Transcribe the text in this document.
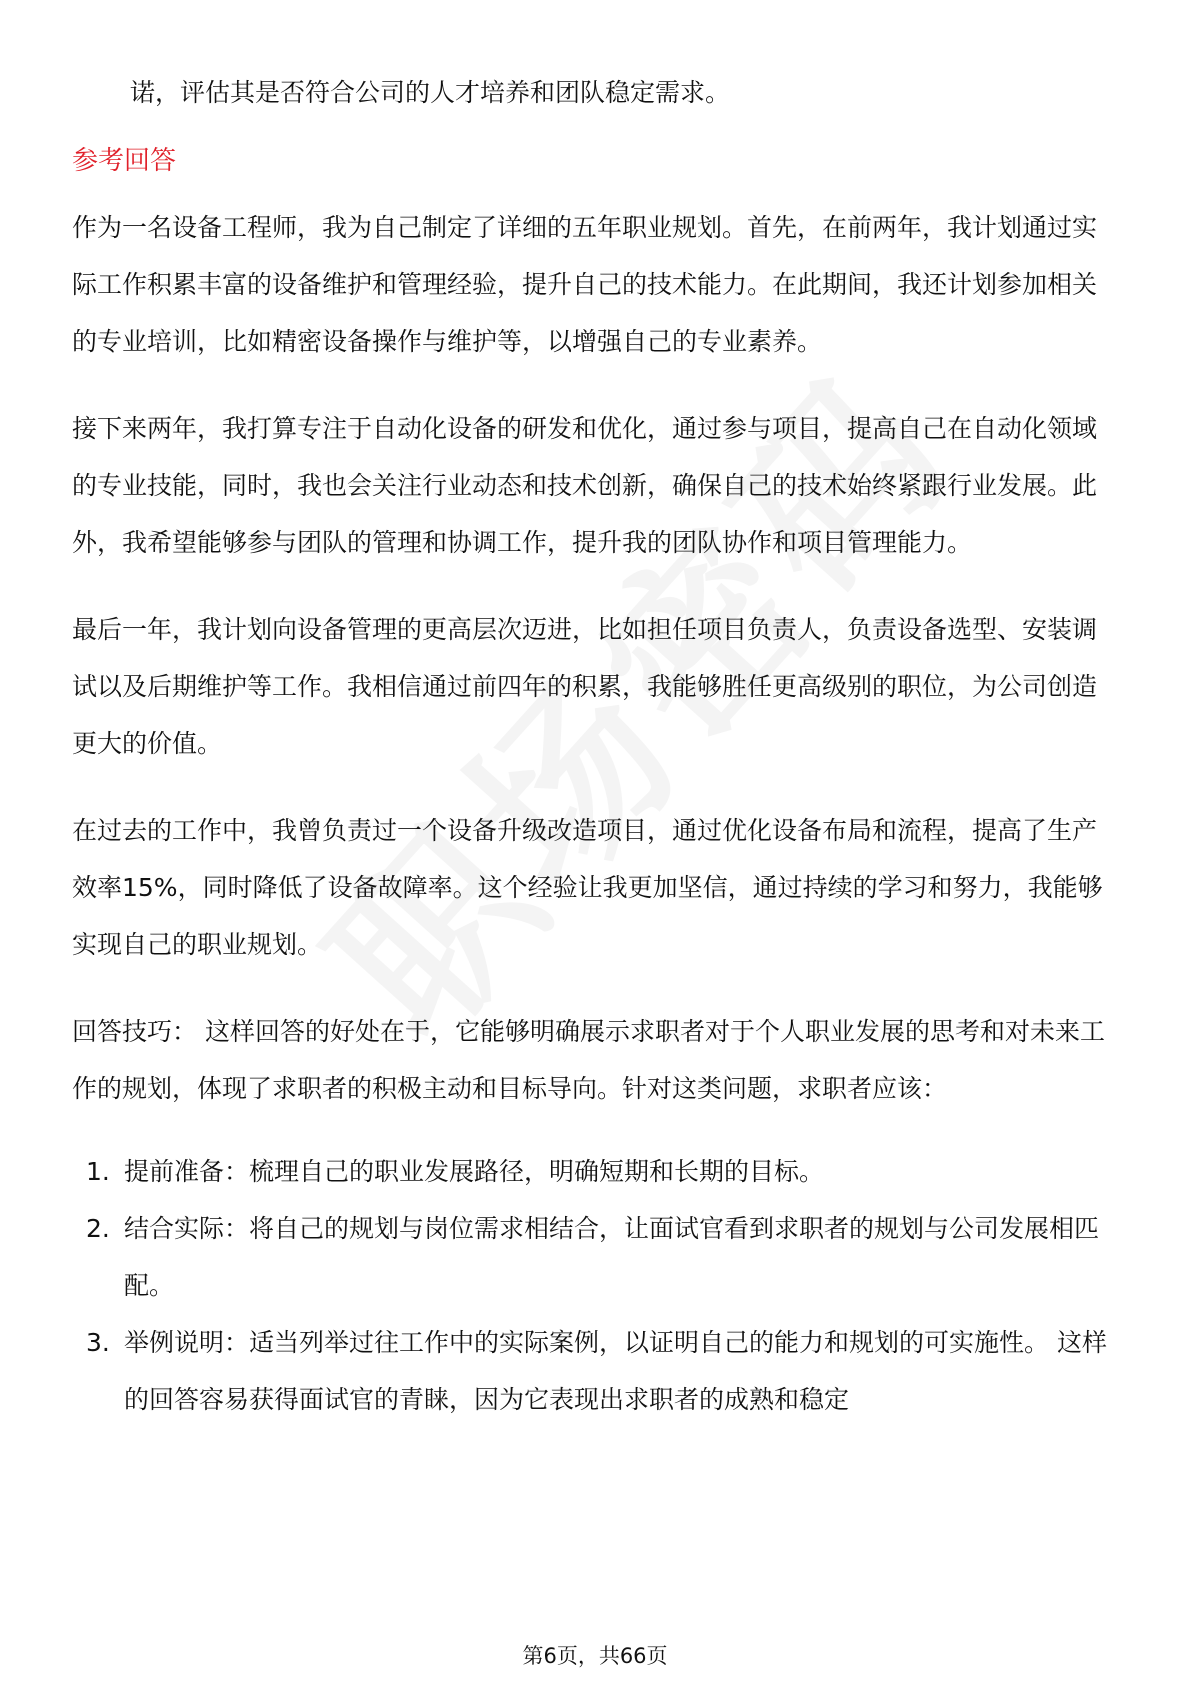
诺，评估其是否符合公司的人才培养和团队稳定需求。

参考回答

作为一名设备工程师，我为自己制定了详细的五年职业规划。首先，在前两年，我计划通过实际工作积累丰富的设备维护和管理经验，提升自己的技术能力。在此期间，我还计划参加相关的专业培训，比如精密设备操作与维护等，以增强自己的专业素养。

接下来两年，我打算专注于自动化设备的研发和优化，通过参与项目，提高自己在自动化领域的专业技能，同时，我也会关注行业动态和技术创新，确保自己的技术始终紧跟行业发展。此外，我希望能够参与团队的管理和协调工作，提升我的团队协作和项目管理能力。

最后一年，我计划向设备管理的更高层次迈进，比如担任项目负责人，负责设备选型、安装调试以及后期维护等工作。我相信通过前四年的积累，我能够胜任更高级别的职位，为公司创造更大的价值。

在过去的工作中，我曾负责过一个设备升级改造项目，通过优化设备布局和流程，提高了生产效率15%，同时降低了设备故障率。这个经验让我更加坚信，通过持续的学习和努力，我能够实现自己的职业规划。

回答技巧： 这样回答的好处在于，它能够明确展示求职者对于个人职业发展的思考和对未来工作的规划，体现了求职者的积极主动和目标导向。针对这类问题，求职者应该：

1. 提前准备：梳理自己的职业发展路径，明确短期和长期的目标。
2. 结合实际：将自己的规划与岗位需求相结合，让面试官看到求职者的规划与公司发展相匹配。
3. 举例说明：适当列举过往工作中的实际案例，以证明自己的能力和规划的可实施性。 这样的回答容易获得面试官的青睐，因为它表现出求职者的成熟和稳定
第6页，共66页
